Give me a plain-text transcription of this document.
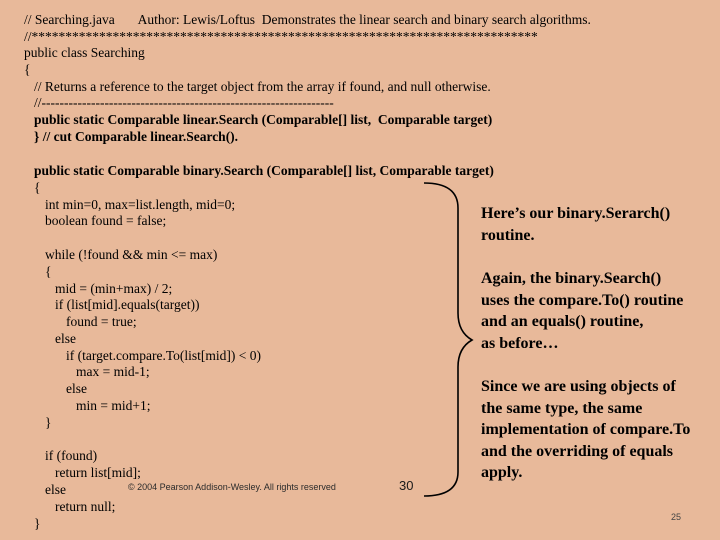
// Searching.java       Author: Lewis/Loftus  Demonstrates the linear search and binary search algorithms.
//***************************************************************************
public class Searching
{
// Returns a reference to the target object from the array if found, and null otherwise.
//-----------------------------------------------------------------
public static Comparable linear.Search (Comparable[] list,  Comparable target)
} // cut Comparable linear.Search().
public static Comparable binary.Search (Comparable[] list, Comparable target)
{
int min=0, max=list.length, mid=0;
boolean found = false;
while (!found && min <= max)
{
mid = (min+max) / 2;
if (list[mid].equals(target))
found = true;
else
if (target.compare.To(list[mid]) < 0)
max = mid-1;
else
min = mid+1;
}
if (found)
return list[mid];
else
return null;
}
Here’s our binary.Serarch()
routine.
Again, the binary.Search()
uses the compare.To() routine
and an equals() routine,
as before…
Since we are using objects of
the same type, the same
implementation of compare.To
and the overriding of equals
apply.
© 2004 Pearson Addison-Wesley. All rights reserved	30
25
